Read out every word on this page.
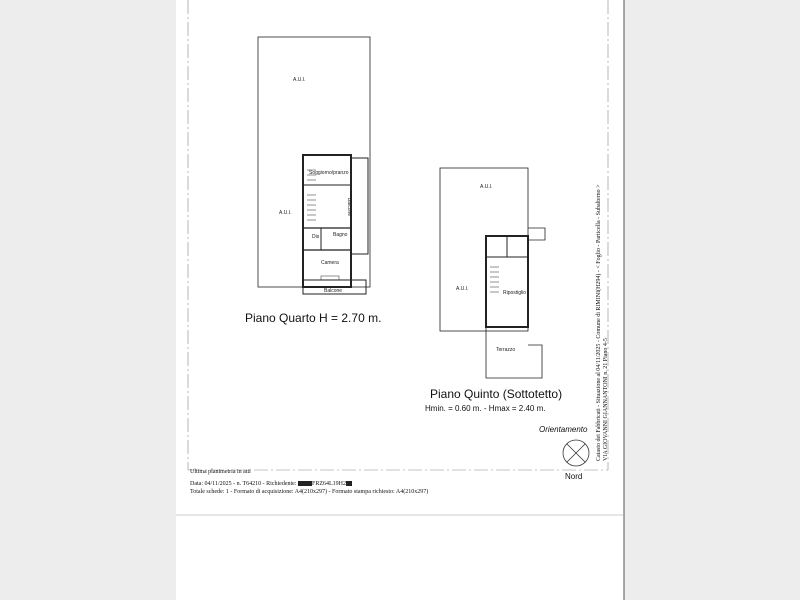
A.U.I.
A.U.I.
Soggiorno/pranzo
Balcone
Dis	Bagno
Camera
Balcone
Piano Quarto H = 2.70 m.
A.U.I.
A.U.I.
Ripostiglio
Terrazzo
Piano Quinto (Sottotetto)
Hmin. = 0.60 m. - Hmax = 2.40 m.
Orientamento
Nord
Ultima planimetria in atti
Data: 04/11/2025 - n. T64210 - Richiedente:	FRZ64L19H2
Totale schede: 1 - Formato di acquisizione: A4(210x297) - Formato stampa richiesto: A4(210x297)
Catasto dei Fabbricati - Situazione al 04/11/2025 - Comune di RIMINI(H294) - < Foglio - Particella - Subalterno > VIA GIOVANNI GIANNANTONI n. 21 Piano 4-5
